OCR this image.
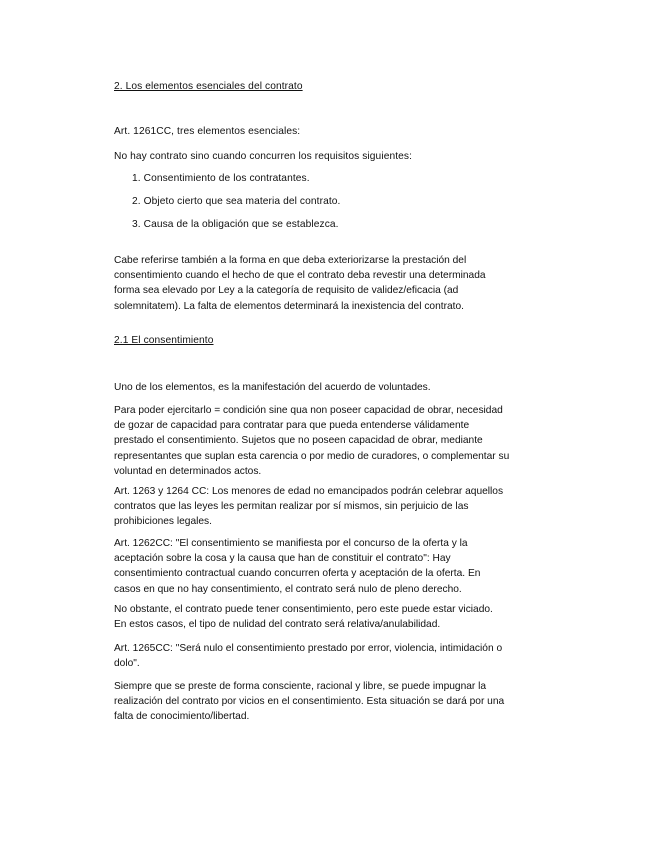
2. Los elementos esenciales del contrato
Art. 1261CC, tres elementos esenciales:
No hay contrato sino cuando concurren los requisitos siguientes:
1. Consentimiento de los contratantes.
2. Objeto cierto que sea materia del contrato.
3. Causa de la obligación que se establezca.
Cabe referirse también a la forma en que deba exteriorizarse la prestación del
consentimiento cuando el hecho de que el contrato deba revestir una determinada
forma sea elevado por Ley a la categoría de requisito de validez/eficacia (ad
solemnitatem). La falta de elementos determinará la inexistencia del contrato.
2.1 El consentimiento
Uno de los elementos, es la manifestación del acuerdo de voluntades.
Para poder ejercitarlo = condición sine qua non poseer capacidad de obrar, necesidad
de gozar de capacidad para contratar para que pueda entenderse válidamente
prestado el consentimiento. Sujetos que no poseen capacidad de obrar, mediante
representantes que suplan esta carencia o por medio de curadores, o complementar su
voluntad en determinados actos.
Art. 1263 y 1264 CC: Los menores de edad no emancipados podrán celebrar aquellos
contratos que las leyes les permitan realizar por sí mismos, sin perjuicio de las
prohibiciones legales.
Art. 1262CC: "El consentimiento se manifiesta por el concurso de la oferta y la
aceptación sobre la cosa y la causa que han de constituir el contrato": Hay
consentimiento contractual cuando concurren oferta y aceptación de la oferta. En
casos en que no hay consentimiento, el contrato será nulo de pleno derecho.
No obstante, el contrato puede tener consentimiento, pero este puede estar viciado.
En estos casos, el tipo de nulidad del contrato será relativa/anulabilidad.
Art. 1265CC: "Será nulo el consentimiento prestado por error, violencia, intimidación o
dolo".
Siempre que se preste de forma consciente, racional y libre, se puede impugnar la
realización del contrato por vicios en el consentimiento. Esta situación se dará por una
falta de conocimiento/libertad.
